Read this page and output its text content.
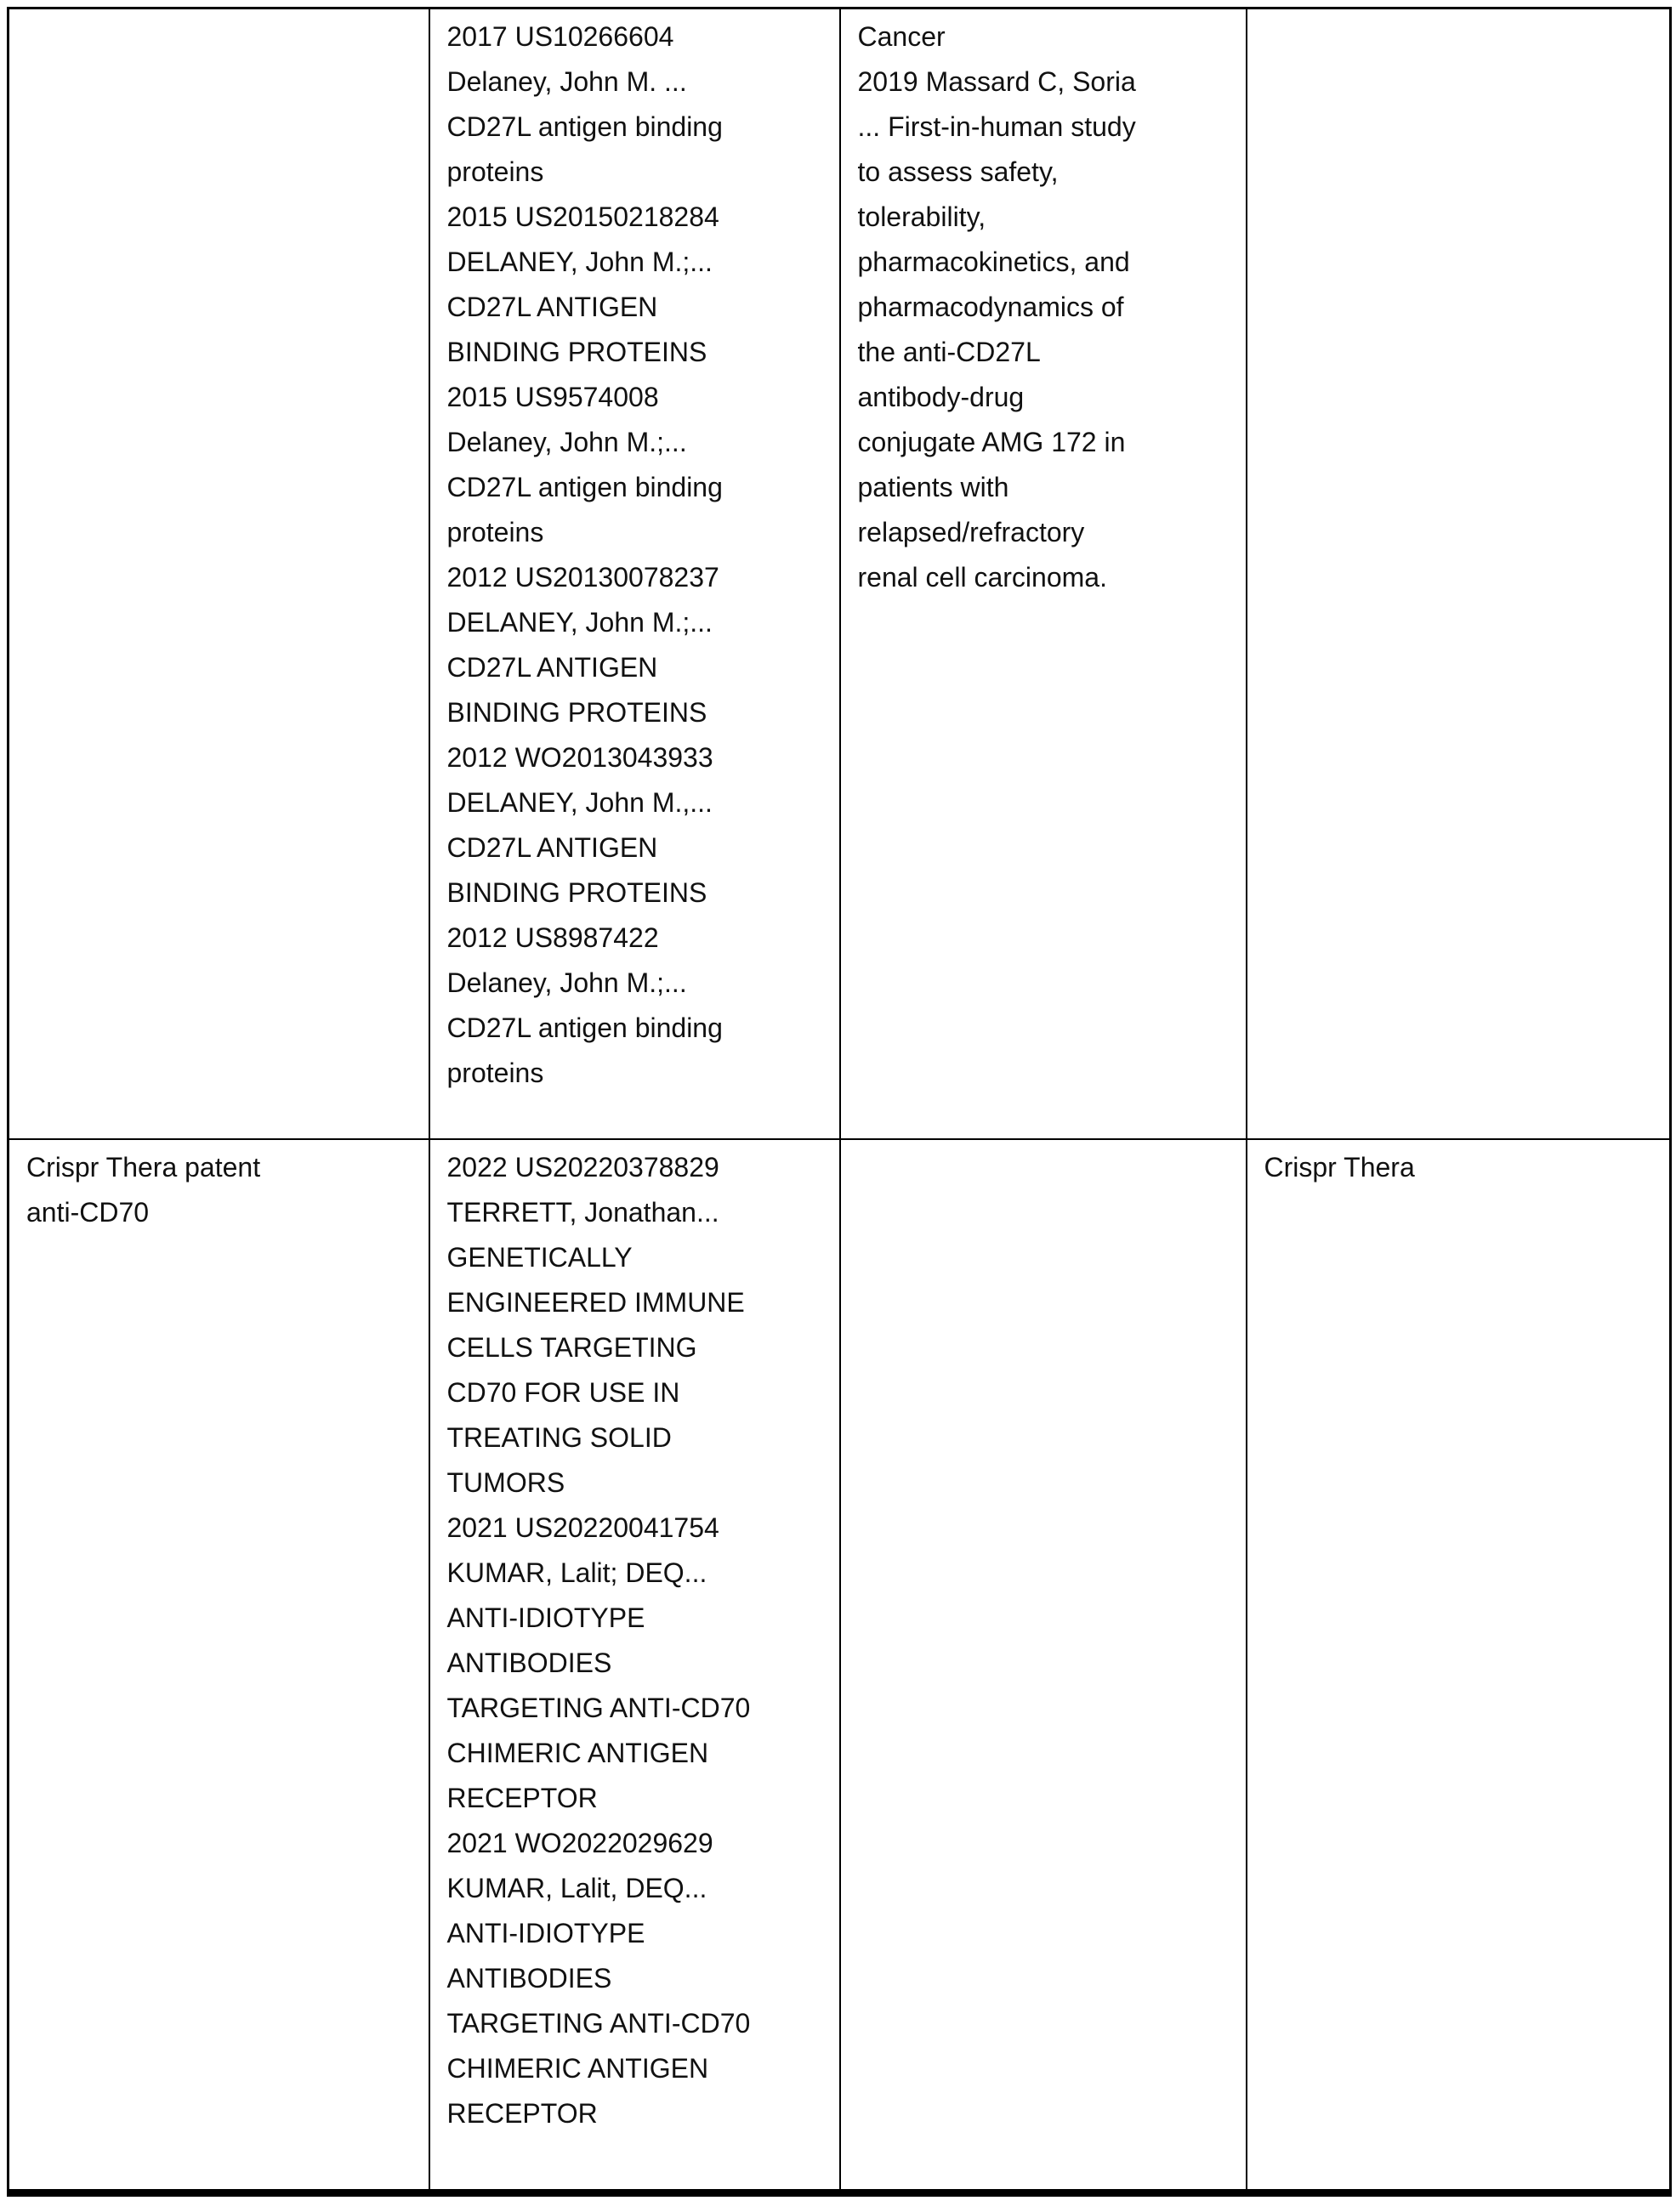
	2017 US10266604
Delaney, John M. ...
CD27L antigen binding
proteins
2015 US20150218284
DELANEY, John M.;...
CD27L ANTIGEN
BINDING PROTEINS
2015 US9574008
Delaney, John M.;...
CD27L antigen binding
proteins
2012 US20130078237
DELANEY, John M.;...
CD27L ANTIGEN
BINDING PROTEINS
2012 WO2013043933
DELANEY, John M.,...
CD27L ANTIGEN
BINDING PROTEINS
2012 US8987422
Delaney, John M.;...
CD27L antigen binding
proteins	Cancer
2019 Massard C, Soria
... First-in-human study
to assess safety,
tolerability,
pharmacokinetics, and
pharmacodynamics of
the anti-CD27L
antibody-drug
conjugate AMG 172 in
patients with
relapsed/refractory
renal cell carcinoma.	
Crispr Thera patent
anti-CD70	2022 US20220378829
TERRETT, Jonathan...
GENETICALLY
ENGINEERED IMMUNE
CELLS TARGETING
CD70 FOR USE IN
TREATING SOLID
TUMORS
2021 US20220041754
KUMAR, Lalit; DEQ...
ANTI-IDIOTYPE
ANTIBODIES
TARGETING ANTI-CD70
CHIMERIC ANTIGEN
RECEPTOR
2021 WO2022029629
KUMAR, Lalit, DEQ...
ANTI-IDIOTYPE
ANTIBODIES
TARGETING ANTI-CD70
CHIMERIC ANTIGEN
RECEPTOR		Crispr Thera
